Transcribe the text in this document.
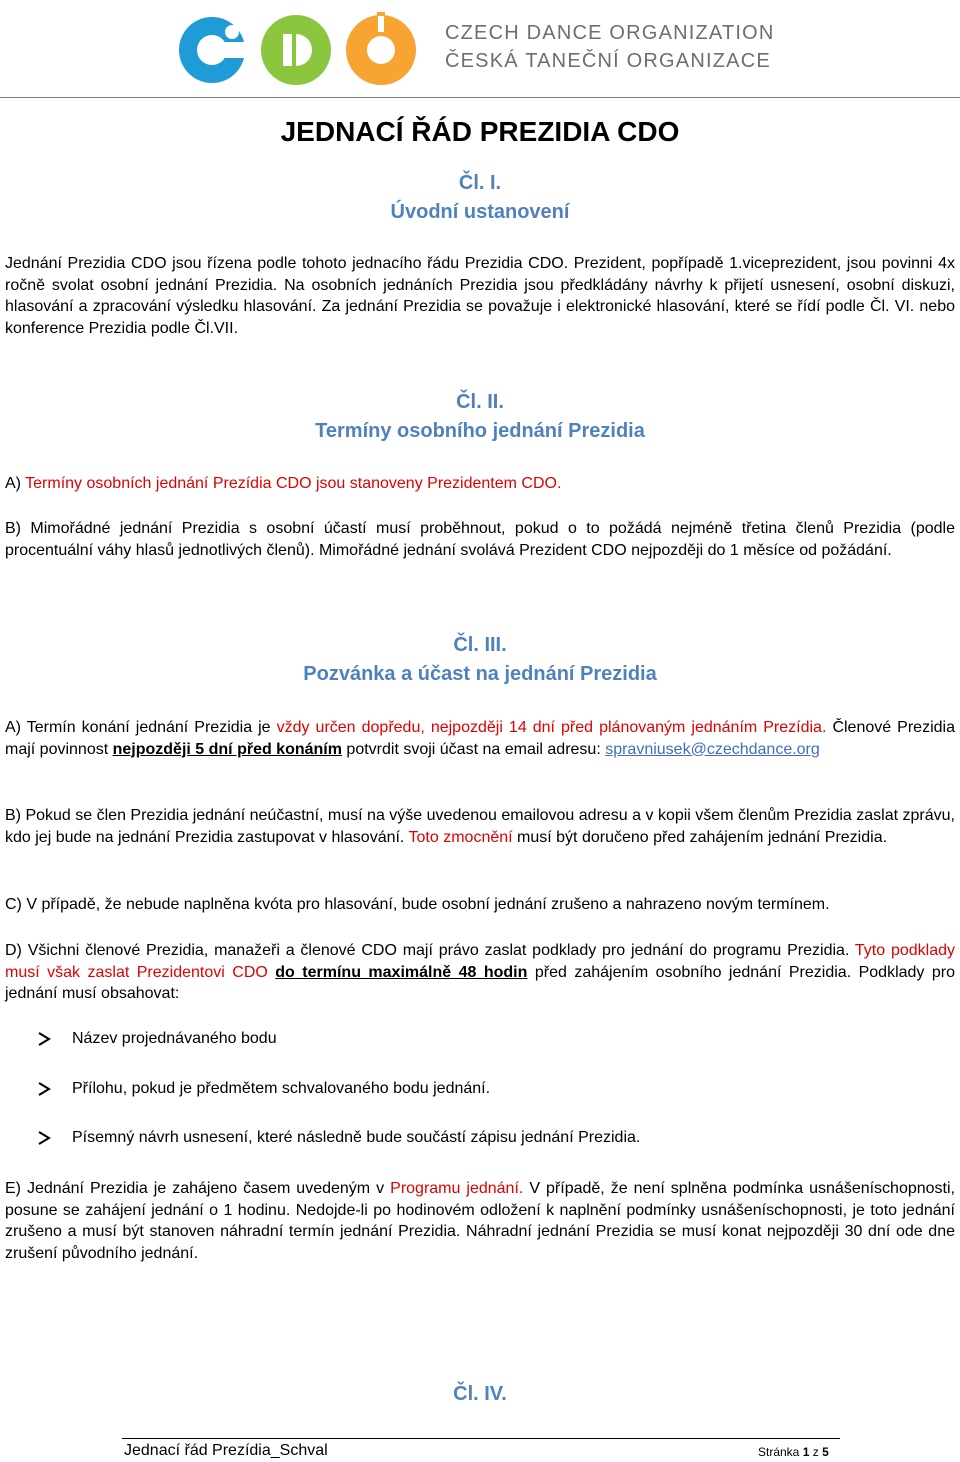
CZECH DANCE ORGANIZATION
ČESKÁ TANEČNÍ ORGANIZACE
JEDNACÍ ŘÁD PREZIDIA CDO
Čl. I.
Úvodní ustanovení
Jednání Prezidia CDO jsou řízena podle tohoto jednacího řádu Prezidia CDO. Prezident, popřípadě 1.viceprezident, jsou povinni 4x ročně svolat osobní jednání Prezidia. Na osobních jednáních Prezidia jsou předkládány návrhy k přijetí usnesení, osobní diskuzi, hlasování a zpracování výsledku hlasování. Za jednání Prezidia se považuje i elektronické hlasování, které se řídí podle Čl. VI. nebo konference Prezidia podle Čl.VII.
Čl. II.
Termíny osobního jednání Prezidia
A) Termíny osobních jednání Prezídia CDO jsou stanoveny Prezidentem CDO.
B) Mimořádné jednání Prezidia s osobní účastí musí proběhnout, pokud o to požádá nejméně třetina členů Prezidia (podle procentuální váhy hlasů jednotlivých členů). Mimořádné jednání svolává Prezident CDO nejpozději do 1 měsíce od požádání.
Čl. III.
Pozvánka a účast na jednání Prezidia
A) Termín konání jednání Prezidia je vždy určen dopředu, nejpozději 14 dní před plánovaným jednáním Prezídia. Členové Prezidia mají povinnost nejpozději 5 dní před konáním potvrdit svoji účast na email adresu: spravniusek@czechdance.org
B) Pokud se člen Prezidia jednání neúčastní, musí na výše uvedenou emailovou adresu a v kopii všem členům Prezidia zaslat zprávu, kdo jej bude na jednání Prezidia zastupovat v hlasování. Toto zmocnění musí být doručeno před zahájením jednání Prezidia.
C) V případě, že nebude naplněna kvóta pro hlasování, bude osobní jednání zrušeno a nahrazeno novým termínem.
D) Všichni členové Prezidia, manažeři a členové CDO mají právo zaslat podklady pro jednání do programu Prezidia. Tyto podklady musí však zaslat Prezidentovi CDO do termínu maximálně 48 hodin před zahájením osobního jednání Prezidia. Podklady pro jednání musí obsahovat:
Název projednávaného bodu
Přílohu, pokud je předmětem schvalovaného bodu jednání.
Písemný návrh usnesení, které následně bude součástí zápisu jednání Prezidia.
E) Jednání Prezidia je zahájeno časem uvedeným v Programu jednání. V případě, že není splněna podmínka usnášeníschopnosti, posune se zahájení jednání o 1 hodinu. Nedojde-li po hodinovém odložení k naplnění podmínky usnášeníschopnosti, je toto jednání zrušeno a musí být stanoven náhradní termín jednání Prezidia. Náhradní jednání Prezidia se musí konat nejpozději 30 dní ode dne zrušení původního jednání.
Čl. IV.
Jednací řád Prezídia_Schval	Stránka 1 z 5
